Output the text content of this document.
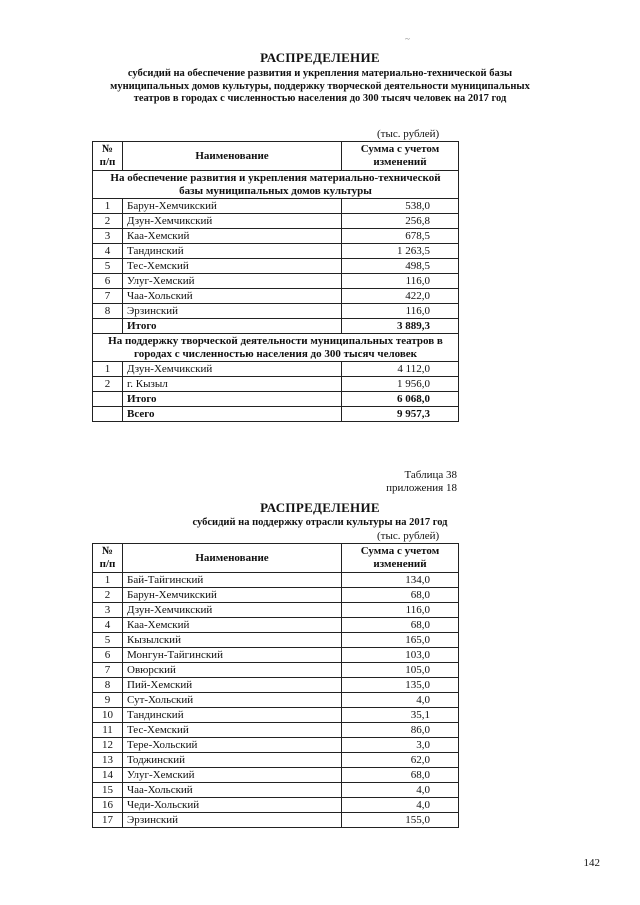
~
РАСПРЕДЕЛЕНИЕ
субсидий на обеспечение развития и укрепления материально-технической базы муниципальных домов культуры, поддержку творческой деятельности муниципальных театров в городах с численностью населения до 300 тысяч человек на 2017 год
(тыс. рублей)
№ п/п	Наименование	Сумма с учетом изменений
На обеспечение развития и укрепления материально-технической базы муниципальных домов культуры		
1	Барун-Хемчикский	538,0
2	Дзун-Хемчикский	256,8
3	Каа-Хемский	678,5
4	Тандинский	1 263,5
5	Тес-Хемский	498,5
6	Улуг-Хемский	116,0
7	Чаа-Хольский	422,0
8	Эрзинский	116,0
	Итого	3 889,3
На поддержку творческой деятельности муниципальных театров в городах с численностью населения до 300 тысяч человек		
1	Дзун-Хемчикский	4 112,0
2	г. Кызыл	1 956,0
	Итого	6 068,0
	Всего	9 957,3
Таблица 38
приложения 18
РАСПРЕДЕЛЕНИЕ
субсидий на поддержку отрасли культуры на 2017 год
(тыс. рублей)
№ п/п	Наименование	Сумма с учетом изменений
1	Бай-Тайгинский	134,0
2	Барун-Хемчикский	68,0
3	Дзун-Хемчикский	116,0
4	Каа-Хемский	68,0
5	Кызылский	165,0
6	Монгун-Тайгинский	103,0
7	Овюрский	105,0
8	Пий-Хемский	135,0
9	Сут-Хольский	4,0
10	Тандинский	35,1
11	Тес-Хемский	86,0
12	Тере-Хольский	3,0
13	Тоджинский	62,0
14	Улуг-Хемский	68,0
15	Чаа-Хольский	4,0
16	Чеди-Хольский	4,0
17	Эрзинский	155,0
142
